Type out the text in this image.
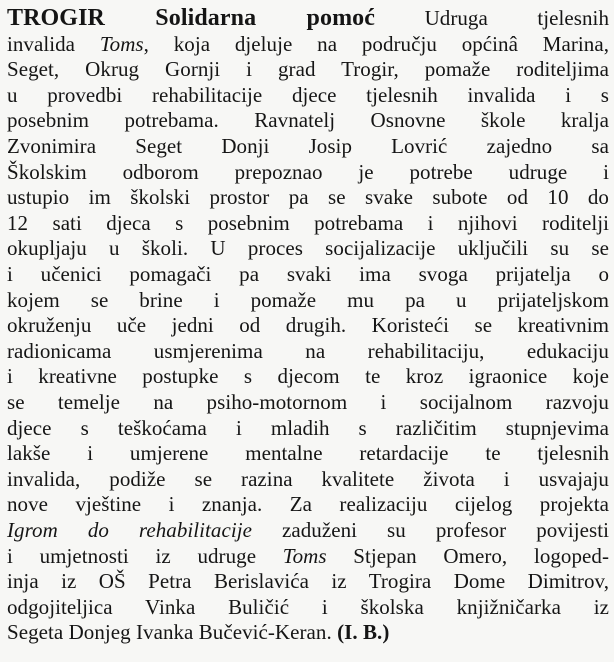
TROGIR Solidarna pomoć Udruga tjelesnih
invalida Toms, koja djeluje na području općinâ Marina,
Seget, Okrug Gornji i grad Trogir, pomaže roditeljima
u provedbi rehabilitacije djece tjelesnih invalida i s
posebnim potrebama. Ravnatelj Osnovne škole kralja
Zvonimira Seget Donji Josip Lovrić zajedno sa
Školskim odborom prepoznao je potrebe udruge i
ustupio im školski prostor pa se svake subote od 10 do
12 sati djeca s posebnim potrebama i njihovi roditelji
okupljaju u školi. U proces socijalizacije uključili su se
i učenici pomagači pa svaki ima svoga prijatelja o
kojem se brine i pomaže mu pa u prijateljskom
okruženju uče jedni od drugih. Koristeći se kreativnim
radionicama usmjerenima na rehabilitaciju, edukaciju
i kreativne postupke s djecom te kroz igraonice koje
se temelje na psiho-motornom i socijalnom razvoju
djece s teškoćama i mladih s različitim stupnjevima
lakše i umjerene mentalne retardacije te tjelesnih
invalida, podiže se razina kvalitete života i usvajaju
nove vještine i znanja. Za realizaciju cijelog projekta
Igrom do rehabilitacije zaduženi su profesor povijesti
i umjetnosti iz udruge Toms Stjepan Omero, logoped-
inja iz OŠ Petra Berislavića iz Trogira Dome Dimitrov,
odgojiteljica Vinka Buličić i školska knjižničarka iz
Segeta Donjeg Ivanka Bučević-Keran. (I. B.)
